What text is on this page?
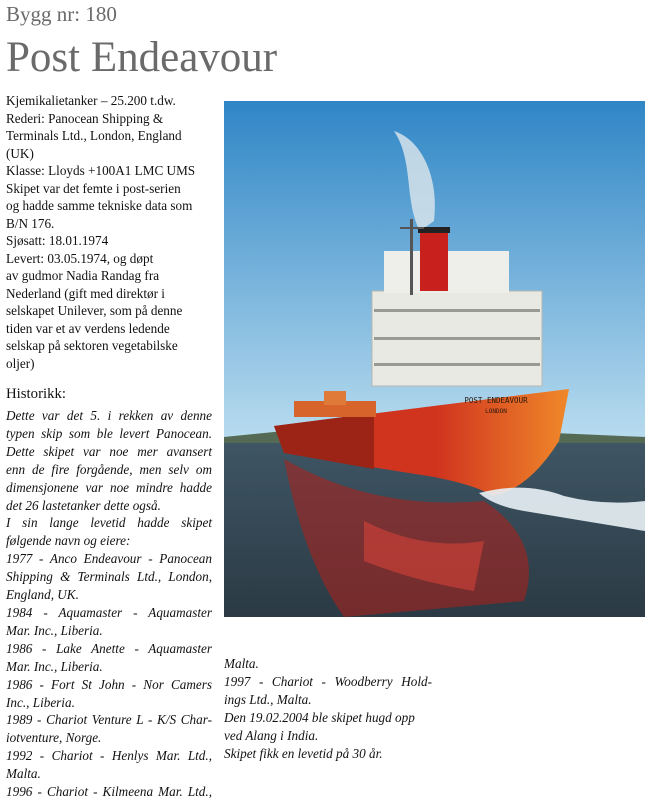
Bygg nr: 180
Post Endeavour
Kjemikalietanker – 25.200 t.dw.
Rederi: Panocean Shipping &
Terminals Ltd., London, England
(UK)
Klasse: Lloyds +100A1 LMC UMS
Skipet var det femte i post-serien
og hadde samme tekniske data som
B/N 176.
Sjøsatt: 18.01.1974
Levert: 03.05.1974, og døpt
av gudmor Nadia Randag fra
Nederland (gift med direktør i
selskapet Unilever, som på denne
tiden var et av verdens ledende
selskap på sektoren vegetabilske
oljer)
Historikk:
Dette var det 5. i rekken av denne
typen skip som ble levert Panocean.
Dette skipet var noe mer avansert
enn de fire forgående, men selv om
dimensjonene var noe mindre hadde
det 26 lastetanker dette også.
I sin lange levetid hadde skipet
følgende navn og eiere:
1977 - Anco Endeavour - Panocean
Shipping & Terminals Ltd., London,
England, UK.
1984 - Aquamaster - Aquamaster
Mar. Inc., Liberia.
1986 - Lake Anette - Aquamaster
Mar. Inc., Liberia.
1986 - Fort St John - Nor Camers
Inc., Liberia.
1989 - Chariot Venture L - K/S Char-
iotventure, Norge.
1992 - Chariot - Henlys Mar. Ltd.,
Malta.
1996 - Chariot - Kilmeena Mar. Ltd.,
Malta.
1997 - Chariot - Woodberry Hold-
ings Ltd., Malta.
Den 19.02.2004 ble skipet hugd opp
ved Alang i India.
Skipet fikk en levetid på 30 år.
POST ENDEAVOUR
LONDON
